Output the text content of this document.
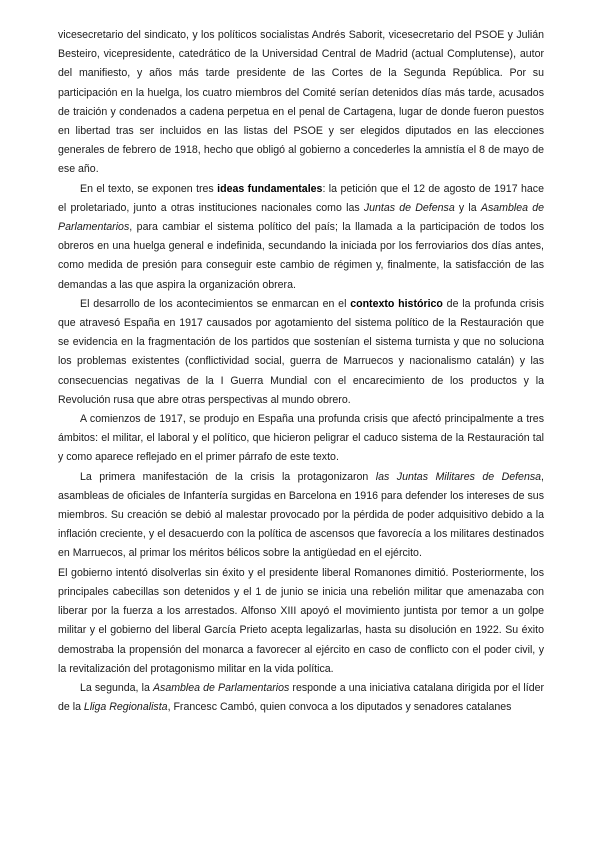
vicesecretario del sindicato, y los políticos socialistas Andrés Saborit, vicesecretario del PSOE y Julián Besteiro, vicepresidente, catedrático de la Universidad Central de Madrid (actual Complutense), autor del manifiesto, y años más tarde presidente de las Cortes de la Segunda República. Por su participación en la huelga, los cuatro miembros del Comité serían detenidos días más tarde, acusados de traición y condenados a cadena perpetua en el penal de Cartagena, lugar de donde fueron puestos en libertad tras ser incluidos en las listas del PSOE y ser elegidos diputados en las elecciones generales de febrero de 1918, hecho que obligó al gobierno a concederles la amnistía el 8 de mayo de ese año.

En el texto, se exponen tres ideas fundamentales: la petición que el 12 de agosto de 1917 hace el proletariado, junto a otras instituciones nacionales como las Juntas de Defensa y la Asamblea de Parlamentarios, para cambiar el sistema político del país; la llamada a la participación de todos los obreros en una huelga general e indefinida, secundando la iniciada por los ferroviarios dos días antes, como medida de presión para conseguir este cambio de régimen y, finalmente, la satisfacción de las demandas a las que aspira la organización obrera.

El desarrollo de los acontecimientos se enmarcan en el contexto histórico de la profunda crisis que atravesó España en 1917 causados por agotamiento del sistema político de la Restauración que se evidencia en la fragmentación de los partidos que sostenían el sistema turnista y que no soluciona los problemas existentes (conflictividad social, guerra de Marruecos y nacionalismo catalán) y las consecuencias negativas de la I Guerra Mundial con el encarecimiento de los productos y la Revolución rusa que abre otras perspectivas al mundo obrero.

A comienzos de 1917, se produjo en España una profunda crisis que afectó principalmente a tres ámbitos: el militar, el laboral y el político, que hicieron peligrar el caduco sistema de la Restauración tal y como aparece reflejado en el primer párrafo de este texto.

La primera manifestación de la crisis la protagonizaron las Juntas Militares de Defensa, asambleas de oficiales de Infantería surgidas en Barcelona en 1916 para defender los intereses de sus miembros. Su creación se debió al malestar provocado por la pérdida de poder adquisitivo debido a la inflación creciente, y el desacuerdo con la política de ascensos que favorecía a los militares destinados en Marruecos, al primar los méritos bélicos sobre la antigüedad en el ejército.

El gobierno intentó disolverlas sin éxito y el presidente liberal Romanones dimitió. Posteriormente, los principales cabecillas son detenidos y el 1 de junio se inicia una rebelión militar que amenazaba con liberar por la fuerza a los arrestados. Alfonso XIII apoyó el movimiento juntista por temor a un golpe militar y el gobierno del liberal García Prieto acepta legalizarlas, hasta su disolución en 1922. Su éxito demostraba la propensión del monarca a favorecer al ejército en caso de conflicto con el poder civil, y la revitalización del protagonismo militar en la vida política.

La segunda, la Asamblea de Parlamentarios responde a una iniciativa catalana dirigida por el líder de la Lliga Regionalista, Francesc Cambó, quien convoca a los diputados y senadores catalanes
